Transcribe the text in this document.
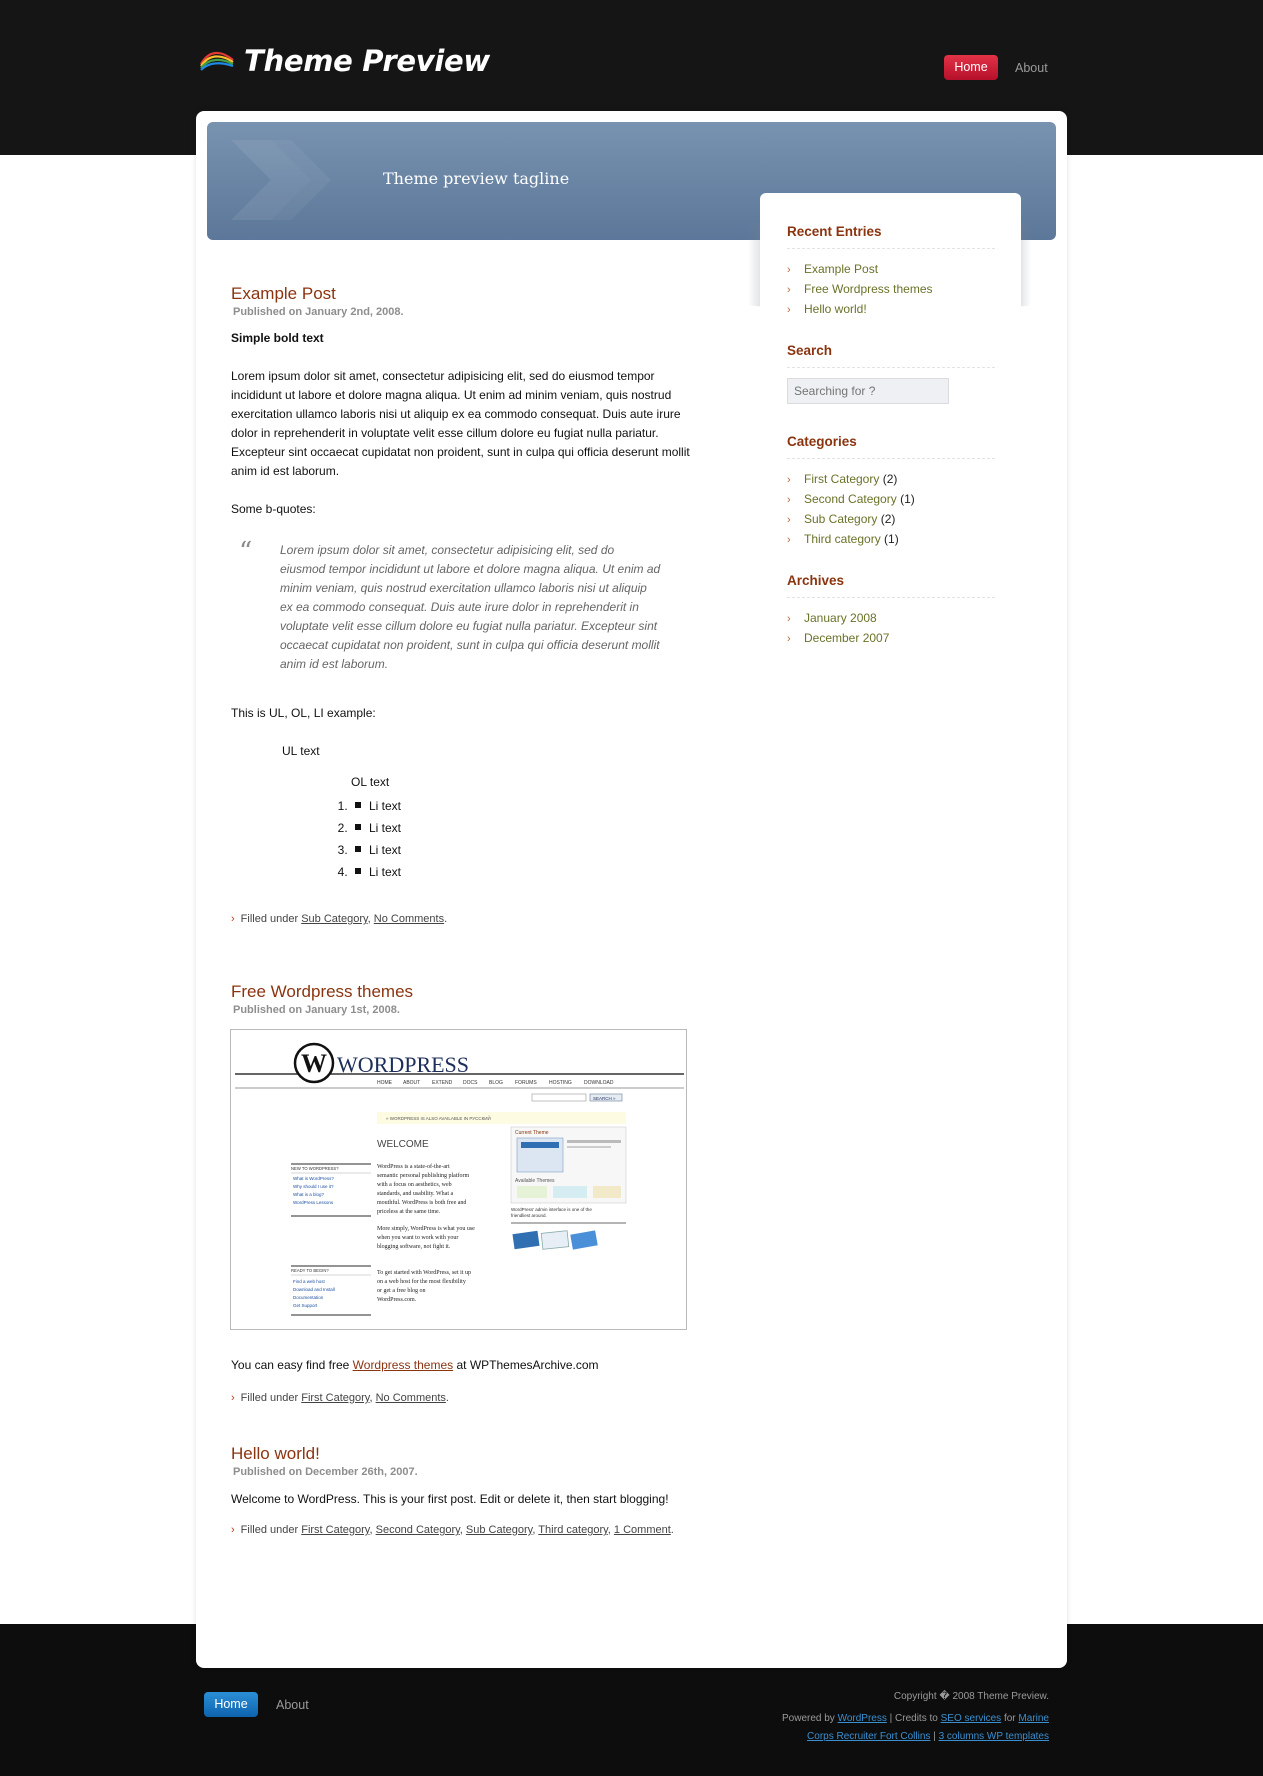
Theme Preview	Home	About
Theme preview tagline
Recent Entries
› Example Post
› Free Wordpress themes
› Hello world!
Search
Searching for ?
Categories
› First Category (2)
› Second Category (1)
› Sub Category (2)
› Third category (1)
Archives
› January 2008
› December 2007
Example Post
Published on January 2nd, 2008.
Simple bold text
Lorem ipsum dolor sit amet, consectetur adipisicing elit, sed do eiusmod tempor incididunt ut labore et dolore magna aliqua. Ut enim ad minim veniam, quis nostrud exercitation ullamco laboris nisi ut aliquip ex ea commodo consequat. Duis aute irure dolor in reprehenderit in voluptate velit esse cillum dolore eu fugiat nulla pariatur. Excepteur sint occaecat cupidatat non proident, sunt in culpa qui officia deserunt mollit anim id est laborum.
Some b-quotes:
“ Lorem ipsum dolor sit amet, consectetur adipisicing elit, sed do eiusmod tempor incididunt ut labore et dolore magna aliqua. Ut enim ad minim veniam, quis nostrud exercitation ullamco laboris nisi ut aliquip ex ea commodo consequat. Duis aute irure dolor in reprehenderit in voluptate velit esse cillum dolore eu fugiat nulla pariatur. Excepteur sint occaecat cupidatat non proident, sunt in culpa qui officia deserunt mollit anim id est laborum.

This is UL, OL, LI example:
UL text
OL text
1. Li text
2. Li text
3. Li text
4. Li text
› Filled under Sub Category, No Comments.
Free Wordpress themes
Published on January 1st, 2008.
W WORDPRESS
HOME ABOUT EXTEND DOCS BLOG FORUMS HOSTING DOWNLOAD
SEARCH »
» WORDPRESS IS ALSO AVAILABLE IN РУССКИЙ
WELCOME
NEW TO WORDPRESS?
What is WordPress?
Why should I use it?
What is a blog?
WordPress Lessons
READY TO BEGIN?
Find a web host
Download and Install
Documentation
Get Support
WordPress is a state-of-the-art
semantic personal publishing platform
with a focus on aesthetics, web
standards, and usability. What a
mouthful. WordPress is both free and
priceless at the same time.
More simply, WordPress is what you use
when you want to work with your
blogging software, not fight it.
To get started with WordPress, set it up
on a web host for the most flexibility
or get a free blog on
WordPress.com.
Current Theme
Available Themes
WordPress' admin interface is one of the
friendliest around.
You can easy find free Wordpress themes at WPThemesArchive.com
› Filled under First Category, No Comments.
Hello world!
Published on December 26th, 2007.
Welcome to WordPress. This is your first post. Edit or delete it, then start blogging!
› Filled under First Category, Second Category, Sub Category, Third category, 1 Comment.
Home	About
Copyright � 2008 Theme Preview.
Powered by WordPress | Credits to SEO services for Marine
Corps Recruiter Fort Collins | 3 columns WP templates
